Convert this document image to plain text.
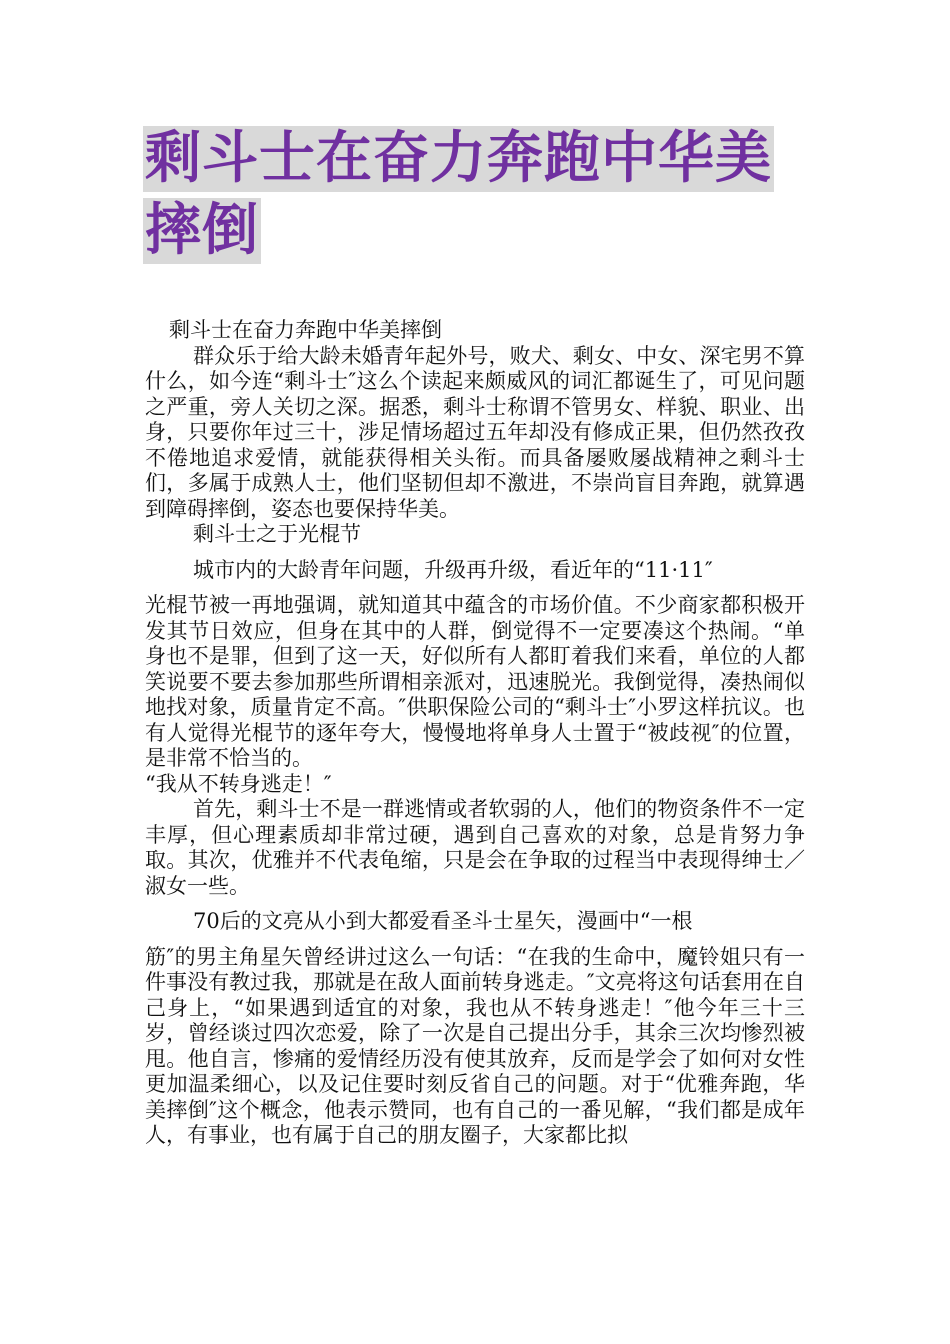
剩斗士在奋力奔跑中华美
摔倒

剩斗士在奋力奔跑中华美摔倒

群众乐于给大龄未婚青年起外号，败犬、剩女、中女、深宅男不算什么，如今连“剩斗士″这么个读起来颇威风的词汇都诞生了，可见问题之严重，旁人关切之深。据悉，剩斗士称谓不管男女、样貌、职业、出身，只要你年过三十，涉足情场超过五年却没有修成正果，但仍然孜孜不倦地追求爱情，就能获得相关头衔。而具备屡败屡战精神之剩斗士们，多属于成熟人士，他们坚韧但却不激进，不崇尚盲目奔跑，就算遇到障碍摔倒，姿态也要保持华美。

剩斗士之于光棍节

城市内的大龄青年问题，升级再升级，看近年的“11·11″

光棍节被一再地强调，就知道其中蕴含的市场价值。不少商家都积极开发其节日效应，但身在其中的人群，倒觉得不一定要凑这个热闹。“单身也不是罪，但到了这一天，好似所有人都盯着我们来看，单位的人都笑说要不要去参加那些所谓相亲派对，迅速脱光。我倒觉得，凑热闹似地找对象，质量肯定不高。″供职保险公司的“剩斗士″小罗这样抗议。也有人觉得光棍节的逐年夸大，慢慢地将单身人士置于“被歧视″的位置，是非常不恰当的。

“我从不转身逃走！″

首先，剩斗士不是一群逃情或者软弱的人，他们的物资条件不一定丰厚，但心理素质却非常过硬，遇到自己喜欢的对象，总是肯努力争取。其次，优雅并不代表龟缩，只是会在争取的过程当中表现得绅士／淑女一些。

70后的文亮从小到大都爱看圣斗士星矢，漫画中“一根

筋″的男主角星矢曾经讲过这么一句话：“在我的生命中，魔铃姐只有一件事没有教过我，那就是在敌人面前转身逃走。″文亮将这句话套用在自己身上，“如果遇到适宜的对象，我也从不转身逃走！″他今年三十三岁，曾经谈过四次恋爱，除了一次是自己提出分手，其余三次均惨烈被甩。他自言，惨痛的爱情经历没有使其放弃，反而是学会了如何对女性更加温柔细心，以及记住要时刻反省自己的问题。对于“优雅奔跑，华美摔倒″这个概念，他表示赞同，也有自己的一番见解，“我们都是成年人，有事业，也有属于自己的朋友圈子，大家都比拟
